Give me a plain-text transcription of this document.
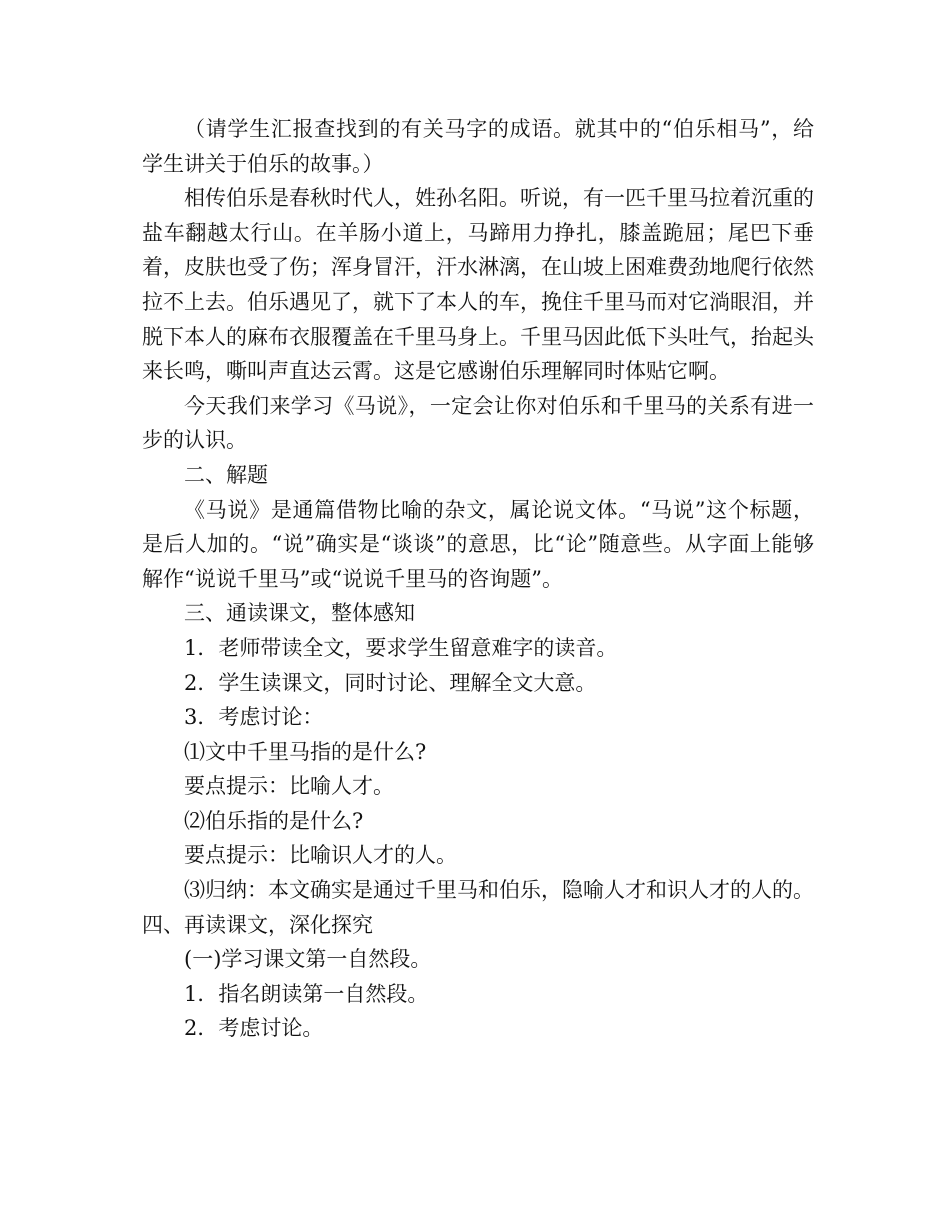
（请学生汇报查找到的有关马字的成语。就其中的“伯乐相马”，给学生讲关于伯乐的故事。）

相传伯乐是春秋时代人，姓孙名阳。听说，有一匹千里马拉着沉重的盐车翻越太行山。在羊肠小道上，马蹄用力挣扎，膝盖跪屈；尾巴下垂着，皮肤也受了伤；浑身冒汗，汗水淋漓，在山坡上困难费劲地爬行依然拉不上去。伯乐遇见了，就下了本人的车，挽住千里马而对它淌眼泪，并脱下本人的麻布衣服覆盖在千里马身上。千里马因此低下头吐气，抬起头来长鸣，嘶叫声直达云霄。这是它感谢伯乐理解同时体贴它啊。

今天我们来学习《马说》，一定会让你对伯乐和千里马的关系有进一步的认识。

二、解题

《马说》是通篇借物比喻的杂文，属论说文体。“马说”这个标题，是后人加的。“说”确实是“谈谈”的意思，比“论”随意些。从字面上能够解作“说说千里马”或“说说千里马的咨询题”。

三、通读课文，整体感知

1．老师带读全文，要求学生留意难字的读音。

2．学生读课文，同时讨论、理解全文大意。

3．考虑讨论：

⑴文中千里马指的是什么?

要点提示：比喻人才。

⑵伯乐指的是什么?

要点提示：比喻识人才的人。

⑶归纳：本文确实是通过千里马和伯乐，隐喻人才和识人才的人的。四、再读课文，深化探究

(一)学习课文第一自然段。

1．指名朗读第一自然段。

2．考虑讨论。
